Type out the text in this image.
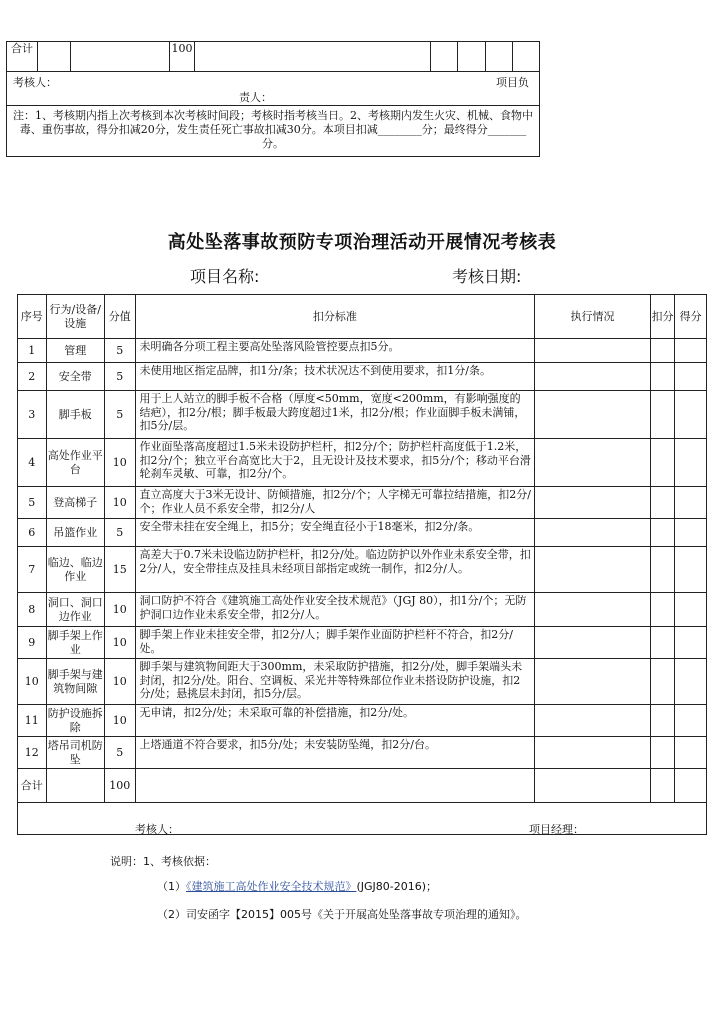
合计			100					

考核人：	项目负
责人：

注：1、考核期内指上次考核到本次考核时间段；考核时指考核当日。2、考核期内发生火灾、机械、食物中毒、重伤事故，得分扣减20分，发生责任死亡事故扣减30分。本项目扣减________分；最终得分_______分。
高处坠落事故预防专项治理活动开展情况考核表
项目名称:	考核日期:
序号	行为/设备/设施	分值	扣分标准	执行情况	扣分	得分
1	管理	5	未明确各分项工程主要高处坠落风险管控要点扣5分。			
2	安全带	5	未使用地区指定品牌，扣1分/条；技术状况达不到使用要求，扣1分/条。			
3	脚手板	5	用于上人站立的脚手板不合格（厚度<50mm，宽度<200mm，有影响强度的结疤），扣2分/根；脚手板最大跨度超过1米，扣2分/根；作业面脚手板未满铺，扣5分/层。			
4	高处作业平台	10	作业面坠落高度超过1.5米未设防护栏杆，扣2分/个；防护栏杆高度低于1.2米，扣2分/个；独立平台高宽比大于2，且无设计及技术要求，扣5分/个；移动平台滑轮刹车灵敏、可靠，扣2分/个。			
5	登高梯子	10	直立高度大于3米无设计、防倾措施，扣2分/个；人字梯无可靠拉结措施，扣2分/个；作业人员不系安全带，扣2分/人			
6	吊篮作业	5	安全带未挂在安全绳上，扣5分；安全绳直径小于18毫米，扣2分/条。			
7	临边、临边作业	15	高差大于0.7米未设临边防护栏杆，扣2分/处。临边防护以外作业未系安全带，扣2分/人，安全带挂点及挂具未经项目部指定或统一制作，扣2分/人。			
8	洞口、洞口边作业	10	洞口防护不符合《建筑施工高处作业安全技术规范》（JGJ 80），扣1分/个；无防护洞口边作业未系安全带，扣2分/人。			
9	脚手架上作业	10	脚手架上作业未挂安全带，扣2分/人；脚手架作业面防护栏杆不符合，扣2分/处。			
10	脚手架与建筑物间隙	10	脚手架与建筑物间距大于300mm，未采取防护措施，扣2分/处，脚手架端头未封闭，扣2分/处。阳台、空调板、采光井等特殊部位作业未搭设防护设施，扣2分/处；悬挑层未封闭，扣5分/层。			
11	防护设施拆除	10	无申请，扣2分/处；未采取可靠的补偿措施，扣2分/处。			
12	塔吊司机防坠	5	上塔通道不符合要求，扣5分/处；未安装防坠绳，扣2分/台。			
合计		100				

考核人： 项目经理：						
说明：1、考核依据：
（1）《建筑施工高处作业安全技术规范》(JGJ80-2016)；
（2）司安函字【2015】005号《关于开展高处坠落事故专项治理的通知》。
